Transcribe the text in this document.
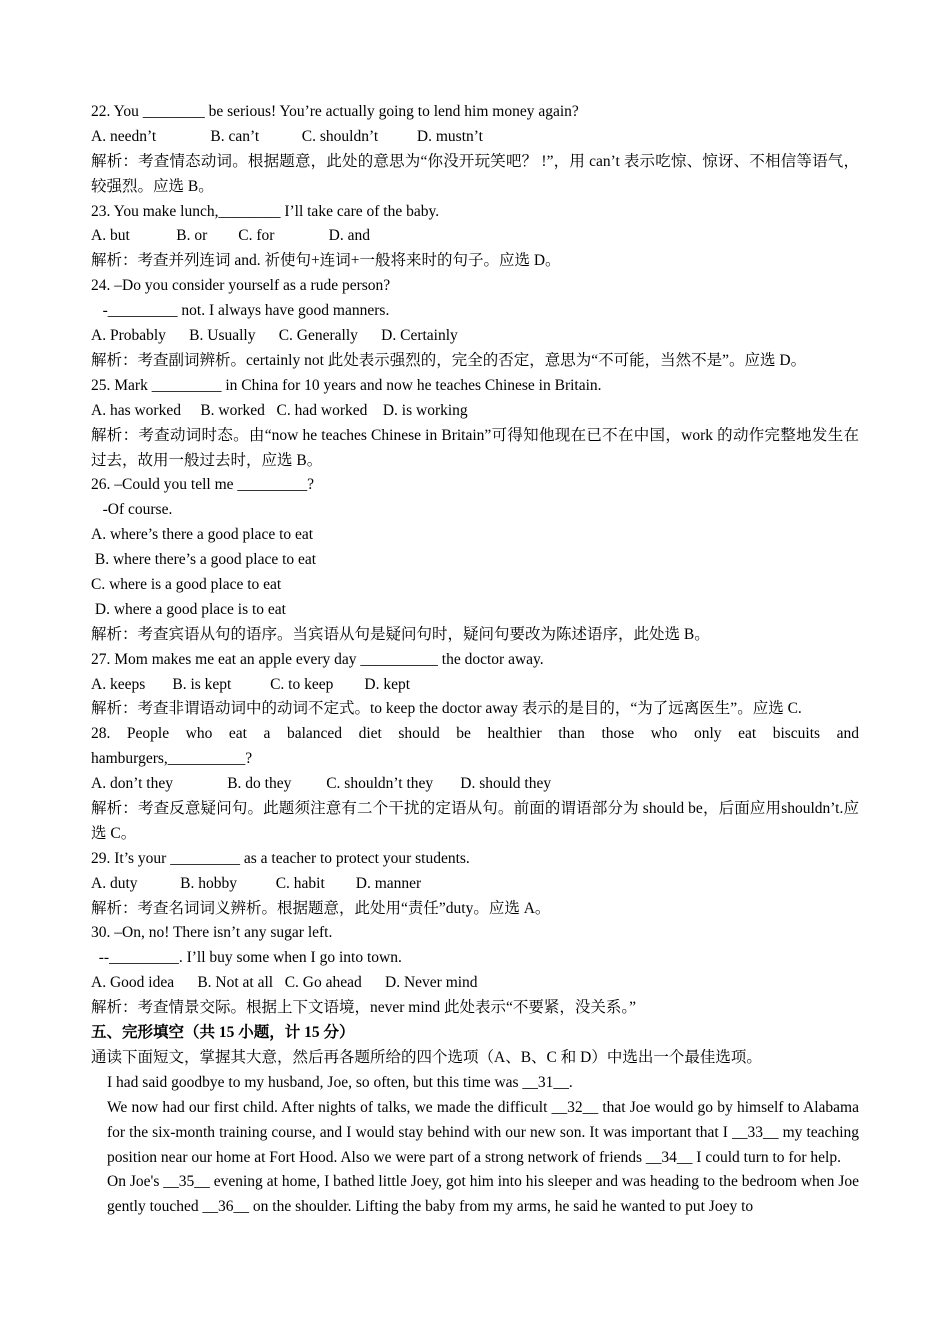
22. You ________ be serious! You’re actually going to lend him money again?
A. needn’t              B. can’t           C. shouldn’t          D. mustn’t
解析：考查情态动词。根据题意，此处的意思为“你没开玩笑吧？ !”，用 can’t 表示吃惊、惊讶、不相信等语气，较强烈。应选 B。
23. You make lunch,________ I’ll take care of the baby.
A. but            B. or        C. for              D. and
解析：考查并列连词 and. 祈使句+连词+一般将来时的句子。应选 D。
24. –Do you consider yourself as a rude person?
-_________ not. I always have good manners.
A. Probably      B. Usually      C. Generally      D. Certainly
解析：考查副词辨析。certainly not 此处表示强烈的，完全的否定，意思为“不可能，当然不是”。应选 D。
25. Mark _________ in China for 10 years and now he teaches Chinese in Britain.
A. has worked     B. worked   C. had worked    D. is working
解析：考查动词时态。由“now he teaches Chinese in Britain”可得知他现在已不在中国，work 的动作完整地发生在过去，故用一般过去时，应选 B。
26. –Could you tell me _________?
-Of course.
A. where’s there a good place to eat
B. where there’s a good place to eat
C. where is a good place to eat
D. where a good place is to eat
解析：考查宾语从句的语序。当宾语从句是疑问句时，疑问句要改为陈述语序，此处选 B。
27. Mom makes me eat an apple every day __________ the doctor away.
A. keeps       B. is kept          C. to keep        D. kept
解析：考查非谓语动词中的动词不定式。to keep the doctor away 表示的是目的，“为了远离医生”。应选 C.
28. People who eat a balanced diet should be healthier than those who only eat biscuits and
hamburgers,__________?
A. don’t they              B. do they         C. shouldn’t they       D. should they
解析：考查反意疑问句。此题须注意有二个干扰的定语从句。前面的谓语部分为 should be，后面应用shouldn’t.应选 C。
29. It’s your _________ as a teacher to protect your students.
A. duty           B. hobby          C. habit        D. manner
解析：考查名词词义辨析。根据题意，此处用“责任”duty。应选 A。
30. –On, no! There isn’t any sugar left.
--_________. I’ll buy some when I go into town.
A. Good idea      B. Not at all   C. Go ahead      D. Never mind
解析：考查情景交际。根据上下文语境，never mind 此处表示“不要紧，没关系。”
五、完形填空（共 15 小题，计 15 分）
通读下面短文，掌握其大意，然后再各题所给的四个选项（A、B、C 和 D）中选出一个最佳选项。
I had said goodbye to my husband, Joe, so often, but this time was __31__.
We now had our first child. After nights of talks, we made the difficult __32__ that Joe would go by himself to Alabama for the six-month training course, and I would stay behind with our new son. It was important that I __33__ my teaching position near our home at Fort Hood. Also we were part of a strong network of friends __34__ I could turn to for help.
On Joe's __35__ evening at home, I bathed little Joey, got him into his sleeper and was heading to the bedroom when Joe gently touched __36__ on the shoulder. Lifting the baby from my arms, he said he wanted to put Joey to
